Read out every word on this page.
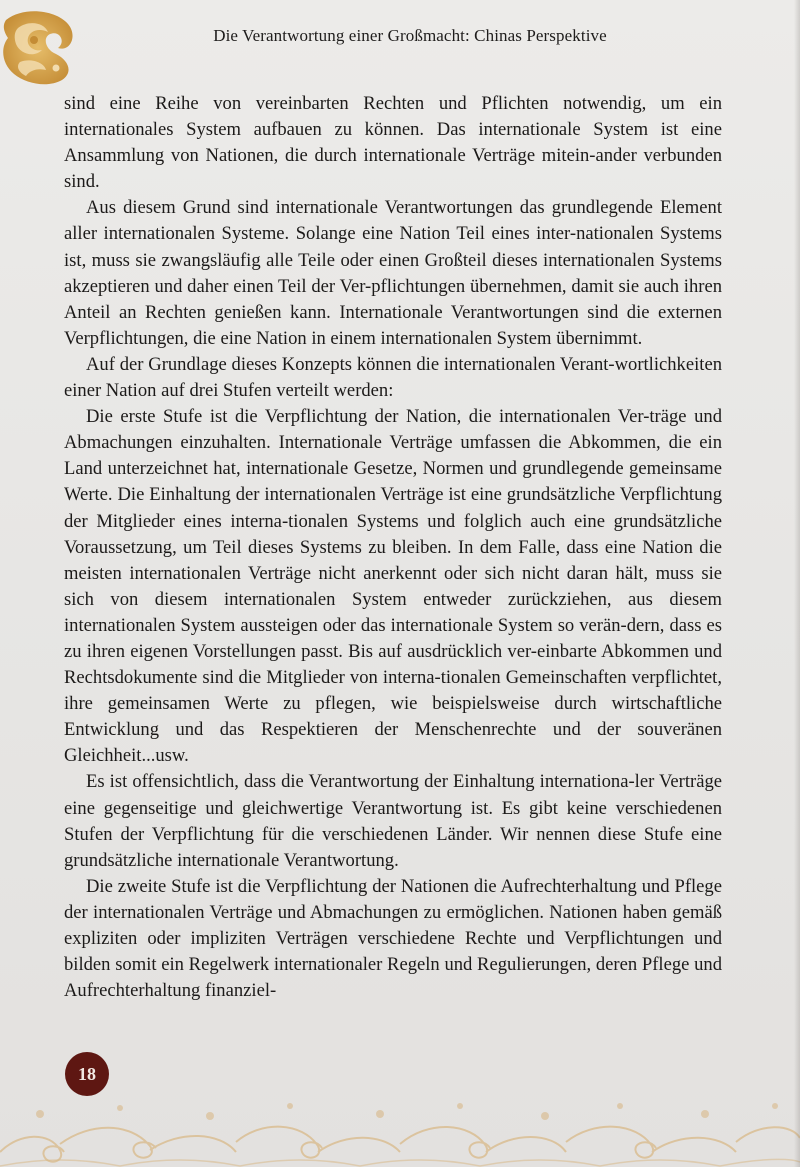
Die Verantwortung einer Großmacht: Chinas Perspektive

sind eine Reihe von vereinbarten Rechten und Pflichten notwendig, um ein internationales System aufbauen zu können. Das internationale System ist eine Ansammlung von Nationen, die durch internationale Verträge mitein-ander verbunden sind.

Aus diesem Grund sind internationale Verantwortungen das grundlegende Element aller internationalen Systeme. Solange eine Nation Teil eines inter-nationalen Systems ist, muss sie zwangsläufig alle Teile oder einen Großteil dieses internationalen Systems akzeptieren und daher einen Teil der Ver-pflichtungen übernehmen, damit sie auch ihren Anteil an Rechten genießen kann. Internationale Verantwortungen sind die externen Verpflichtungen, die eine Nation in einem internationalen System übernimmt.

Auf der Grundlage dieses Konzepts können die internationalen Verant-wortlichkeiten einer Nation auf drei Stufen verteilt werden:

Die erste Stufe ist die Verpflichtung der Nation, die internationalen Ver-träge und Abmachungen einzuhalten. Internationale Verträge umfassen die Abkommen, die ein Land unterzeichnet hat, internationale Gesetze, Normen und grundlegende gemeinsame Werte. Die Einhaltung der internationalen Verträge ist eine grundsätzliche Verpflichtung der Mitglieder eines interna-tionalen Systems und folglich auch eine grundsätzliche Voraussetzung, um Teil dieses Systems zu bleiben. In dem Falle, dass eine Nation die meisten internationalen Verträge nicht anerkennt oder sich nicht daran hält, muss sie sich von diesem internationalen System entweder zurückziehen, aus diesem internationalen System aussteigen oder das internationale System so verän-dern, dass es zu ihren eigenen Vorstellungen passt. Bis auf ausdrücklich ver-einbarte Abkommen und Rechtsdokumente sind die Mitglieder von interna-tionalen Gemeinschaften verpflichtet, ihre gemeinsamen Werte zu pflegen, wie beispielsweise durch wirtschaftliche Entwicklung und das Respektieren der Menschenrechte und der souveränen Gleichheit...usw.

Es ist offensichtlich, dass die Verantwortung der Einhaltung internationa-ler Verträge eine gegenseitige und gleichwertige Verantwortung ist. Es gibt keine verschiedenen Stufen der Verpflichtung für die verschiedenen Länder. Wir nennen diese Stufe eine grundsätzliche internationale Verantwortung.

Die zweite Stufe ist die Verpflichtung der Nationen die Aufrechterhaltung und Pflege der internationalen Verträge und Abmachungen zu ermöglichen. Nationen haben gemäß expliziten oder impliziten Verträgen verschiedene Rechte und Verpflichtungen und bilden somit ein Regelwerk internationaler Regeln und Regulierungen, deren Pflege und Aufrechterhaltung finanziel-

18
